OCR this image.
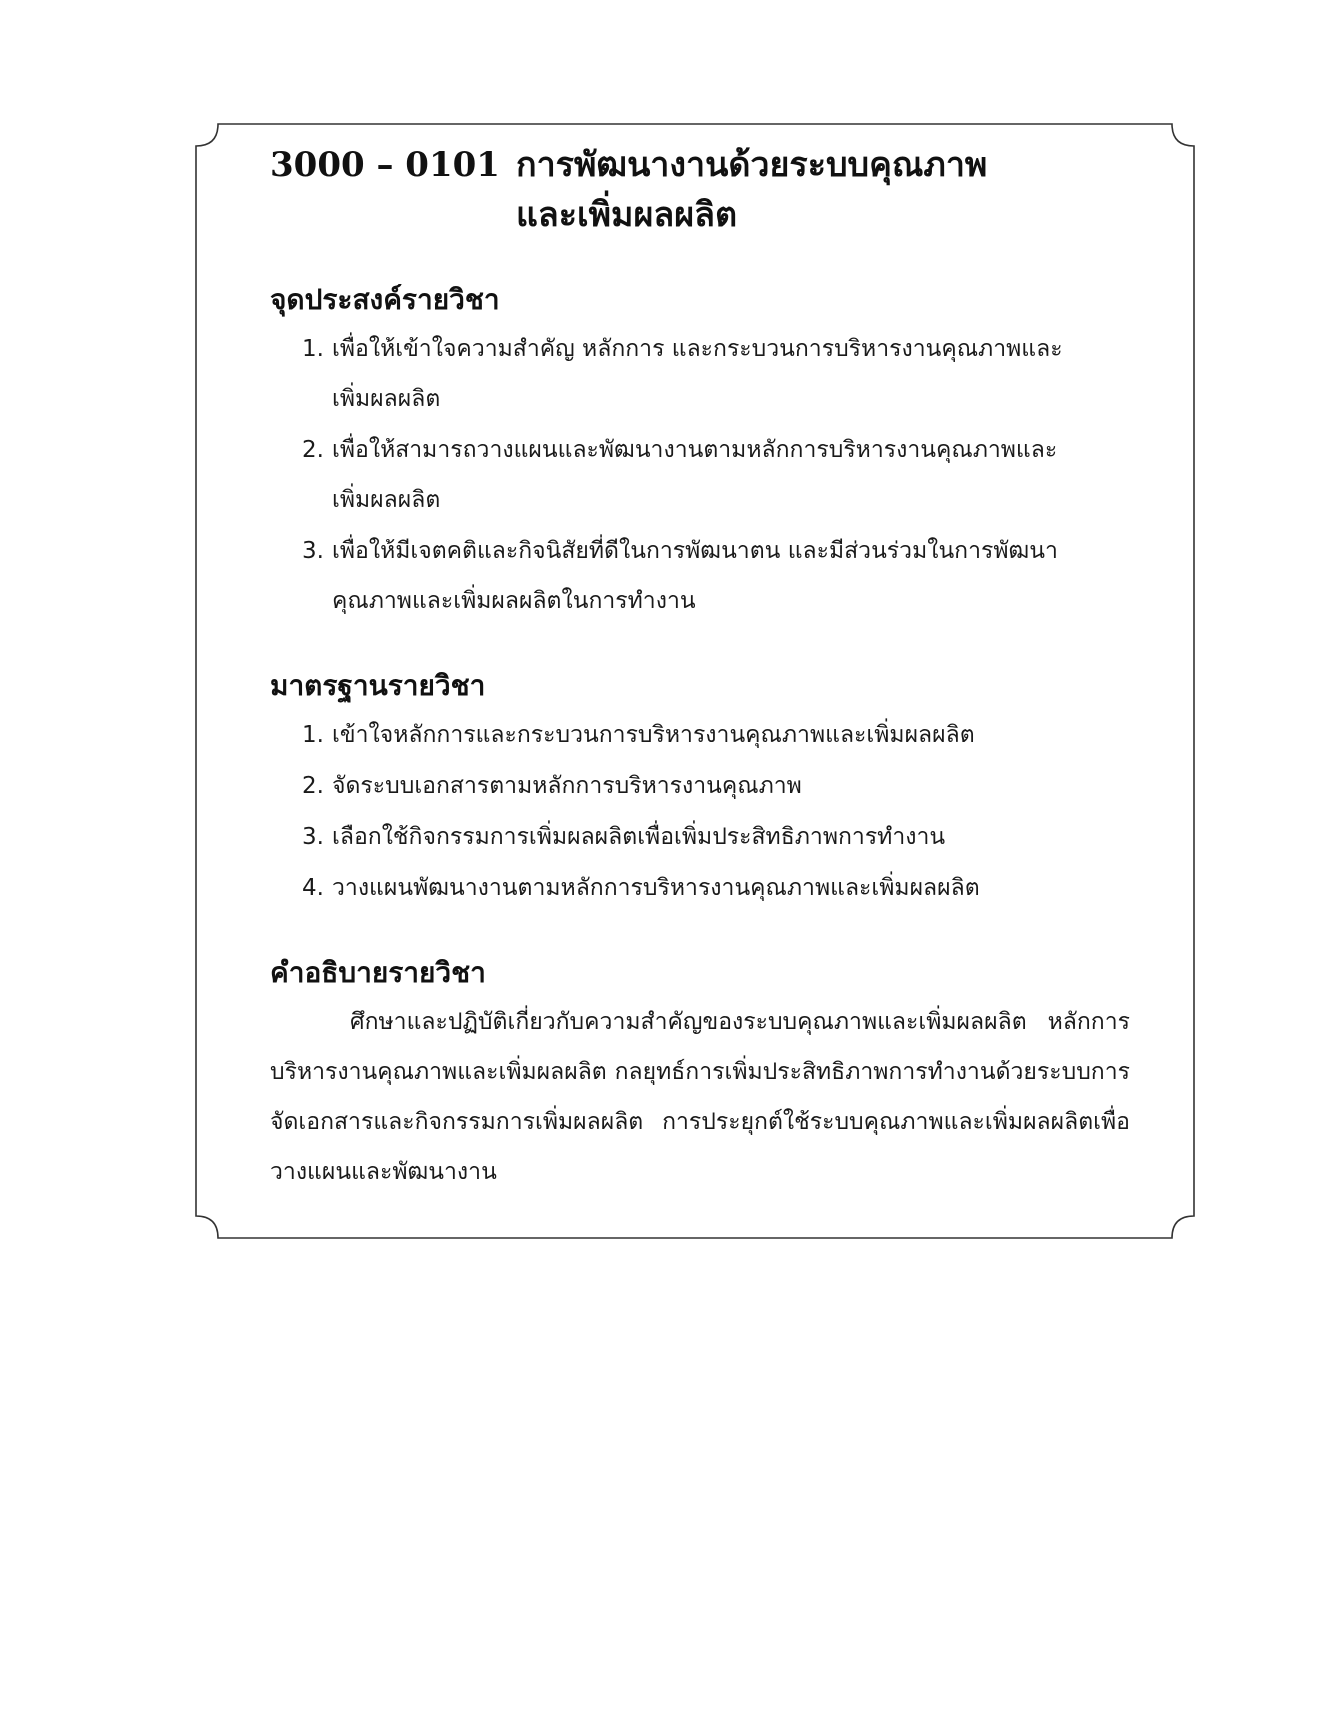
3000 – 0101 การพัฒนางานด้วยระบบคุณภาพ
และเพิ่มผลผลิต
จุดประสงค์รายวิชา
1. เพื่อให้เข้าใจความสำคัญ หลักการ และกระบวนการบริหารงานคุณภาพและ
เพิ่มผลผลิต
2. เพื่อให้สามารถวางแผนและพัฒนางานตามหลักการบริหารงานคุณภาพและ
เพิ่มผลผลิต
3. เพื่อให้มีเจตคติและกิจนิสัยที่ดีในการพัฒนาตน และมีส่วนร่วมในการพัฒนา
คุณภาพและเพิ่มผลผลิตในการทำงาน
มาตรฐานรายวิชา
1. เข้าใจหลักการและกระบวนการบริหารงานคุณภาพและเพิ่มผลผลิต
2. จัดระบบเอกสารตามหลักการบริหารงานคุณภาพ
3. เลือกใช้กิจกรรมการเพิ่มผลผลิตเพื่อเพิ่มประสิทธิภาพการทำงาน
4. วางแผนพัฒนางานตามหลักการบริหารงานคุณภาพและเพิ่มผลผลิต
คำอธิบายรายวิชา

ศึกษาและปฏิบัติเกี่ยวกับความสำคัญของระบบคุณภาพและเพิ่มผลผลิต หลักการบริหารงานคุณภาพและเพิ่มผลผลิต กลยุทธ์การเพิ่มประสิทธิภาพการทำงานด้วยระบบการจัดเอกสารและกิจกรรมการเพิ่มผลผลิต การประยุกต์ใช้ระบบคุณภาพและเพิ่มผลผลิตเพื่อวางแผนและพัฒนางาน
